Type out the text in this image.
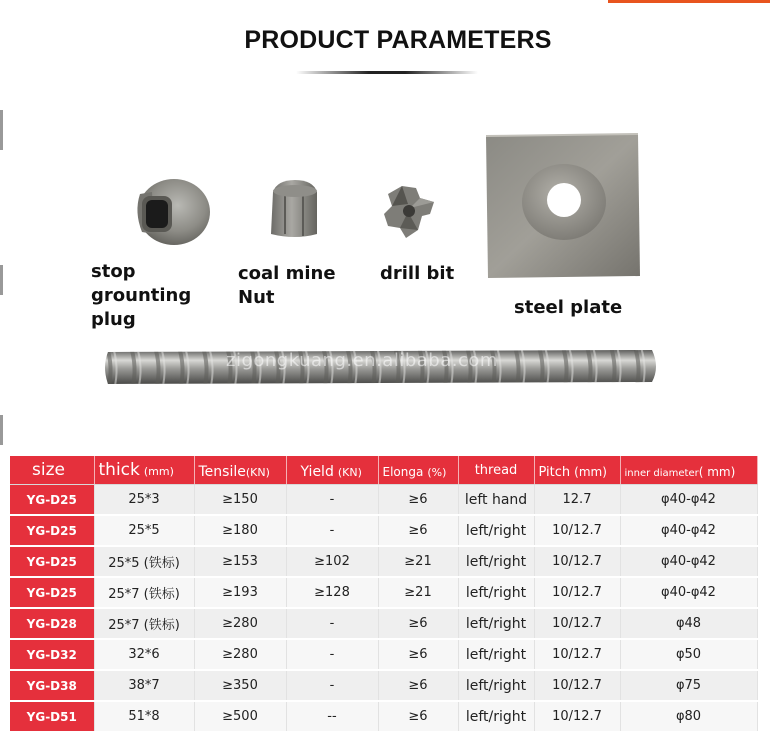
PRODUCT PARAMETERS
stop grounting plug
coal mine Nut
drill bit
steel plate
zigongkuang.en.alibaba.com
size	thick (mm)	Tensile(KN)	Yield (KN)	Elonga (%)	thread	Pitch (mm)	inner diameter( mm)
YG-D25	25*3	≥150	-	≥6	left hand	12.7	φ40-φ42
YG-D25	25*5	≥180	-	≥6	left/right	10/12.7	φ40-φ42
YG-D25	25*5 (铁标)	≥153	≥102	≥21	left/right	10/12.7	φ40-φ42
YG-D25	25*7 (铁标)	≥193	≥128	≥21	left/right	10/12.7	φ40-φ42
YG-D28	25*7 (铁标)	≥280	-	≥6	left/right	10/12.7	φ48
YG-D32	32*6	≥280	-	≥6	left/right	10/12.7	φ50
YG-D38	38*7	≥350	-	≥6	left/right	10/12.7	φ75
YG-D51	51*8	≥500	--	≥6	left/right	10/12.7	φ80
